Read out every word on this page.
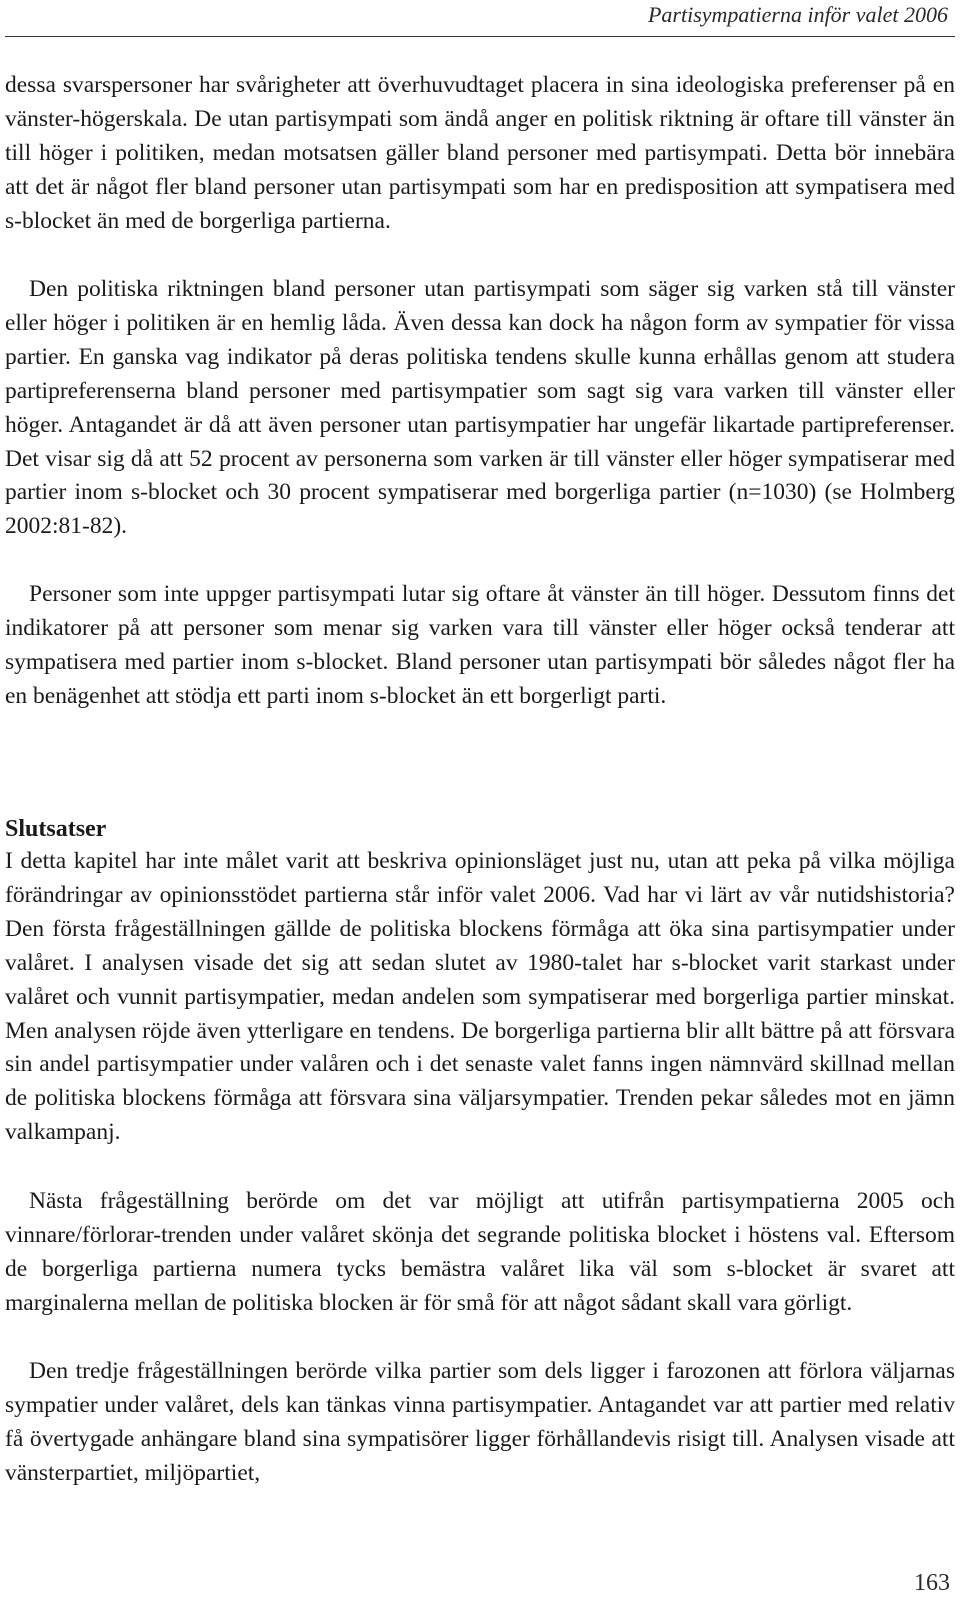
Partisympatierna inför valet 2006

dessa svarspersoner har svårigheter att överhuvudtaget placera in sina ideologiska preferenser på en vänster-högerskala. De utan partisympati som ändå anger en politisk riktning är oftare till vänster än till höger i politiken, medan motsatsen gäller bland personer med partisympati. Detta bör innebära att det är något fler bland personer utan partisympati som har en predisposition att sympatisera med s-blocket än med de borgerliga partierna.

Den politiska riktningen bland personer utan partisympati som säger sig varken stå till vänster eller höger i politiken är en hemlig låda. Även dessa kan dock ha någon form av sympatier för vissa partier. En ganska vag indikator på deras politiska tendens skulle kunna erhållas genom att studera partipreferenserna bland personer med partisympatier som sagt sig vara varken till vänster eller höger. Antagandet är då att även personer utan partisympatier har ungefär likartade partipreferenser. Det visar sig då att 52 procent av personerna som varken är till vänster eller höger sympatiserar med partier inom s-blocket och 30 procent sympatiserar med borgerliga partier (n=1030) (se Holmberg 2002:81-82).

Personer som inte uppger partisympati lutar sig oftare åt vänster än till höger. Dessutom finns det indikatorer på att personer som menar sig varken vara till vänster eller höger också tenderar att sympatisera med partier inom s-blocket. Bland personer utan partisympati bör således något fler ha en benägenhet att stödja ett parti inom s-blocket än ett borgerligt parti.

Slutsatser

I detta kapitel har inte målet varit att beskriva opinionsläget just nu, utan att peka på vilka möjliga förändringar av opinionsstödet partierna står inför valet 2006. Vad har vi lärt av vår nutidshistoria? Den första frågeställningen gällde de politiska blockens förmåga att öka sina partisympatier under valåret. I analysen visade det sig att sedan slutet av 1980-talet har s-blocket varit starkast under valåret och vunnit partisympatier, medan andelen som sympatiserar med borgerliga partier minskat. Men analysen röjde även ytterligare en tendens. De borgerliga partierna blir allt bättre på att försvara sin andel partisympatier under valåren och i det senaste valet fanns ingen nämnvärd skillnad mellan de politiska blockens förmåga att försvara sina väljarsympatier. Trenden pekar således mot en jämn valkampanj.

Nästa frågeställning berörde om det var möjligt att utifrån partisympatierna 2005 och vinnare/förlorar-trenden under valåret skönja det segrande politiska blocket i höstens val. Eftersom de borgerliga partierna numera tycks bemästra valåret lika väl som s-blocket är svaret att marginalerna mellan de politiska blocken är för små för att något sådant skall vara görligt.

Den tredje frågeställningen berörde vilka partier som dels ligger i farozonen att förlora väljarnas sympatier under valåret, dels kan tänkas vinna partisympatier. Antagandet var att partier med relativ få övertygade anhängare bland sina sympatisörer ligger förhållandevis risigt till. Analysen visade att vänsterpartiet, miljöpartiet,

163
